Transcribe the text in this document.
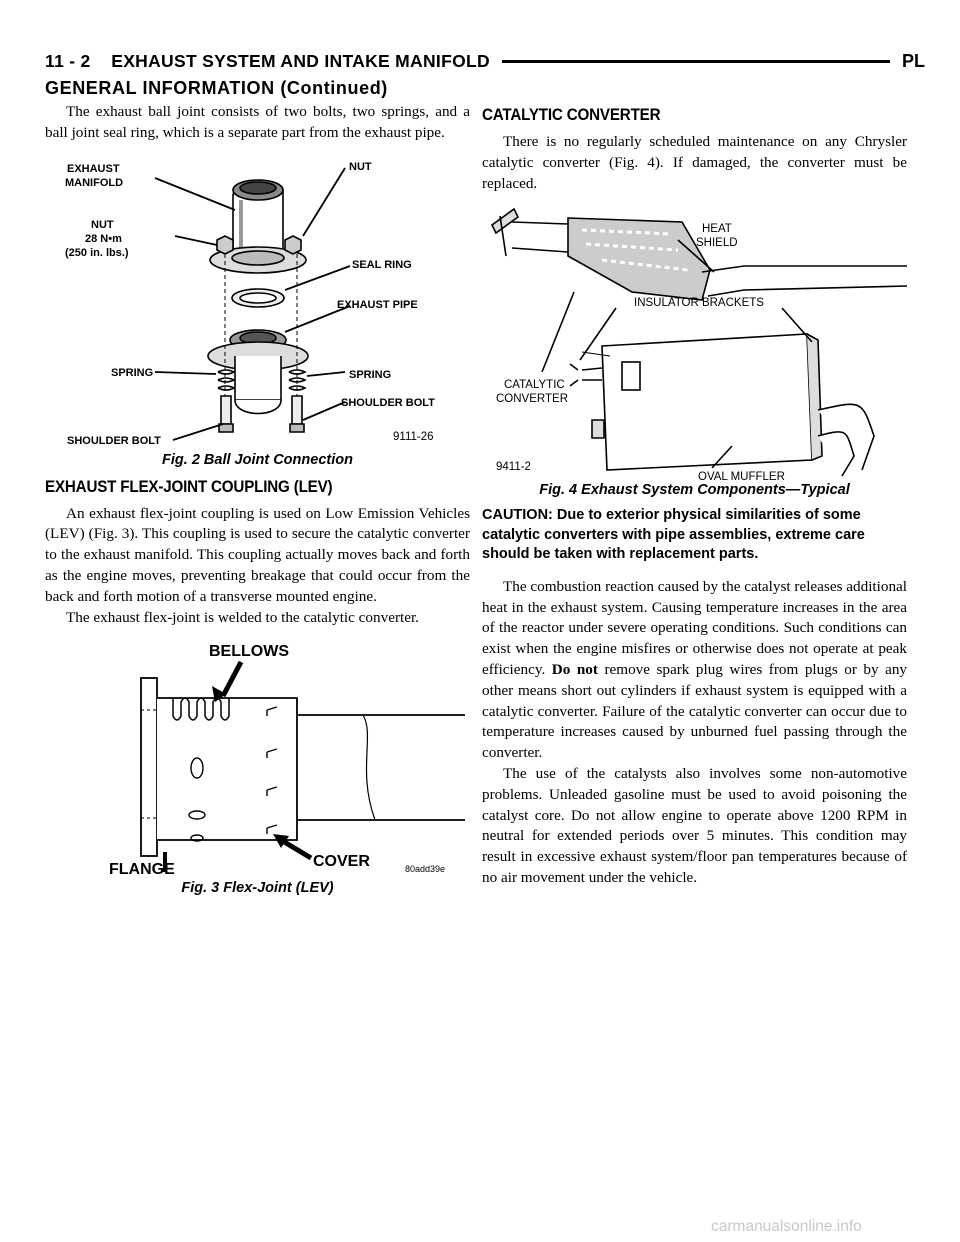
11 - 2    EXHAUST SYSTEM AND INTAKE MANIFOLD	PL
GENERAL INFORMATION (Continued)

The exhaust ball joint consists of two bolts, two springs, and a ball joint seal ring, which is a separate part from the exhaust pipe.

EXHAUST
MANIFOLD
NUT
NUT
28 N•m
(250 in. lbs.)
SEAL RING
EXHAUST PIPE
SPRING	SPRING
SHOULDER BOLT
SHOULDER BOLT	9111-26
Fig. 2 Ball Joint Connection
EXHAUST FLEX-JOINT COUPLING (LEV)

An exhaust flex-joint coupling is used on Low Emission Vehicles (LEV) (Fig. 3). This coupling is used to secure the catalytic converter to the exhaust manifold. This coupling actually moves back and forth as the engine moves, preventing breakage that could occur from the back and forth motion of a transverse mounted engine.

The exhaust flex-joint is welded to the catalytic converter.

BELLOWS
FLANGE	COVER	80add39e
Fig. 3 Flex-Joint (LEV)
CATALYTIC CONVERTER

There is no regularly scheduled maintenance on any Chrysler catalytic converter (Fig. 4). If damaged, the converter must be replaced.

HEAT
SHIELD
CATALYTIC
CONVERTER
INSULATOR BRACKETS
OVAL MUFFLER
9411-2
Fig. 4 Exhaust System Components—Typical

CAUTION: Due to exterior physical similarities of some catalytic converters with pipe assemblies, extreme care should be taken with replacement parts.

The combustion reaction caused by the catalyst releases additional heat in the exhaust system. Causing temperature increases in the area of the reactor under severe operating conditions. Such conditions can exist when the engine misfires or otherwise does not operate at peak efficiency. Do not remove spark plug wires from plugs or by any other means short out cylinders if exhaust system is equipped with a catalytic converter. Failure of the catalytic converter can occur due to temperature increases caused by unburned fuel passing through the converter.

The use of the catalysts also involves some non-automotive problems. Unleaded gasoline must be used to avoid poisoning the catalyst core. Do not allow engine to operate above 1200 RPM in neutral for extended periods over 5 minutes. This condition may result in excessive exhaust system/floor pan temperatures because of no air movement under the vehicle.

carmanualsonline.info
